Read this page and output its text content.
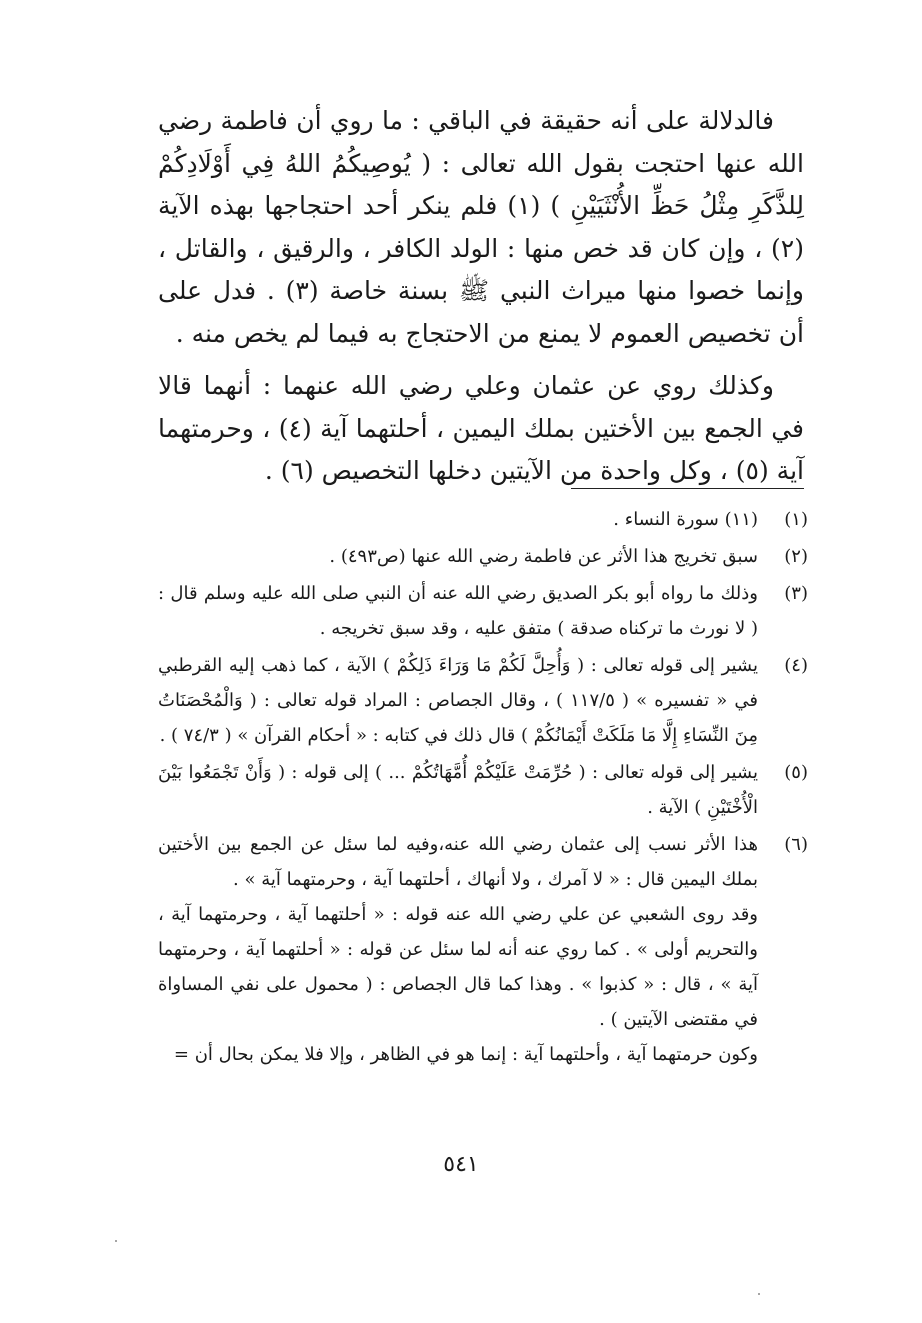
فالدلالة على أنه حقيقة في الباقي : ما روي أن فاطمة رضي الله عنها احتجت بقول الله تعالى : ( يُوصِيكُمُ اللهُ فِي أَوْلَادِكُمْ لِلذَّكَرِ مِثْلُ حَظِّ الأُنْثَيَيْنِ ) (١) فلم ينكر أحد احتجاجها بهذه الآية (٢) ، وإن كان قد خص منها : الولد الكافر ، والرقيق ، والقاتل ، وإنما خصوا منها ميراث النبي ﷺ بسنة خاصة (٣) . فدل على أن تخصيص العموم لا يمنع من الاحتجاج به فيما لم يخص منه .

وكذلك روي عن عثمان وعلي رضي الله عنهما : أنهما قالا في الجمع بين الأختين بملك اليمين ، أحلتهما آية (٤) ، وحرمتهما آية (٥) ، وكل واحدة من الآيتين دخلها التخصيص (٦) .

(١)
(١١) سورة النساء .
(٢)
سبق تخريج هذا الأثر عن فاطمة رضي الله عنها (ص٤٩٣) .
(٣)
وذلك ما رواه أبو بكر الصديق رضي الله عنه أن النبي صلى الله عليه وسلم قال : ( لا نورث ما تركناه صدقة ) متفق عليه ، وقد سبق تخريجه .
(٤)
يشير إلى قوله تعالى : ( وَأُحِلَّ لَكُمْ مَا وَرَاءَ ذَلِكُمْ ) الآية ، كما ذهب إليه القرطبي في « تفسيره » ( ١١٧/٥ ) ، وقال الجصاص : المراد قوله تعالى : ( وَالْمُحْصَنَاتُ مِنَ النِّسَاءِ إِلَّا مَا مَلَكَتْ أَيْمَانُكُمْ ) قال ذلك في كتابه : « أحكام القرآن » ( ٧٤/٣ ) .
(٥)
يشير إلى قوله تعالى : ( حُرِّمَتْ عَلَيْكُمْ أُمَّهَاتُكُمْ ... ) إلى قوله : ( وَأَنْ تَجْمَعُوا بَيْنَ الْأُخْتَيْنِ ) الآية .
(٦)
هذا الأثر نسب إلى عثمان رضي الله عنه،وفيه لما سئل عن الجمع بين الأختين بملك اليمين قال : « لا آمرك ، ولا أنهاك ، أحلتهما آية ، وحرمتهما آية » .
وقد روى الشعبي عن علي رضي الله عنه قوله : « أحلتهما آية ، وحرمتهما آية ، والتحريم أولى » . كما روي عنه أنه لما سئل عن قوله : « أحلتهما آية ، وحرمتهما آية » ، قال : « كذبوا » . وهذا كما قال الجصاص : ( محمول على نفي المساواة في مقتضى الآيتين ) .
وكون حرمتهما آية ، وأحلتهما آية : إنما هو في الظاهر ، وإلا فلا يمكن بحال أن =
٥٤١
